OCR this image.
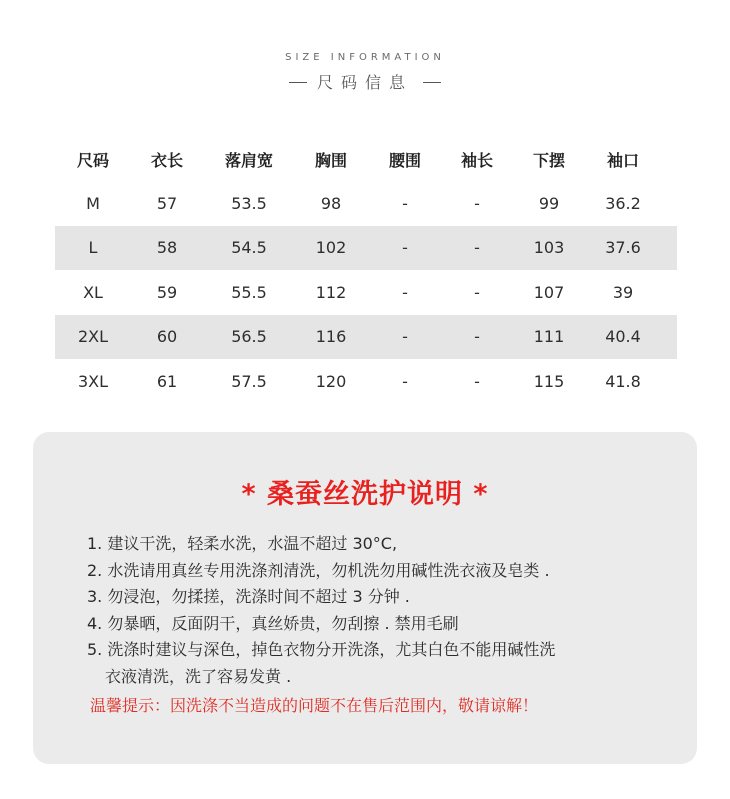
SIZE INFORMATION
尺码信息
尺码	衣长	落肩宽	胸围	腰围	袖长	下摆	袖口
M	57	53.5	98	-	-	99	36.2
L	58	54.5	102	-	-	103	37.6
XL	59	55.5	112	-	-	107	39
2XL	60	56.5	116	-	-	111	40.4
3XL	61	57.5	120	-	-	115	41.8
* 桑蚕丝洗护说明 *
1. 建议干洗，轻柔水洗，水温不超过 30°C,
2. 水洗请用真丝专用洗涤剂清洗，勿机洗勿用碱性洗衣液及皂类 .
3. 勿浸泡，勿揉搓，洗涤时间不超过 3 分钟 .
4. 勿暴晒，反面阴干，真丝娇贵，勿刮擦 . 禁用毛刷
5. 洗涤时建议与深色，掉色衣物分开洗涤，尤其白色不能用碱性洗
衣液清洗，洗了容易发黄 .
温馨提示：因洗涤不当造成的问题不在售后范围内，敬请谅解！
